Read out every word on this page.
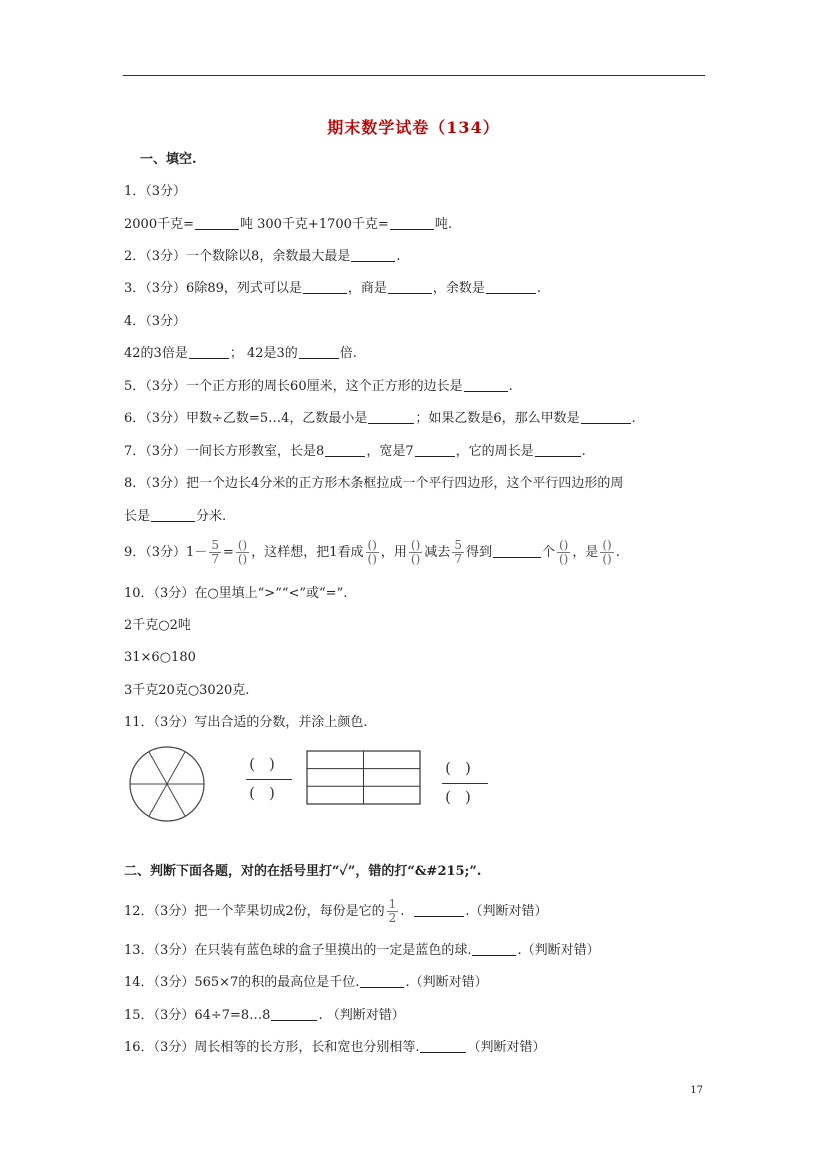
期末数学试卷（134）
一、填空.
1．（3分）
2000千克=	吨 300千克+1700千克=	吨.
2．（3分）一个数除以8，余数最大最是	.
3．（3分）6除89，列式可以是	，商是	，余数是	.
4．（3分）
42的3倍是	； 42是3的	倍.
5．（3分）一个正方形的周长60厘米，这个正方形的边长是	.
6．（3分）甲数÷乙数=5…4，乙数最小是	；如果乙数是6，那么甲数是	.
7．（3分）一间长方形教室，长是8	，宽是7	，它的周长是	.
8．（3分）把一个边长4分米的正方形木条框拉成一个平行四边形，这个平行四边形的周
长是	分米.
9．（3分）$1- \frac{5}{7} = \frac{()}{()}$ ，这样想，把1看成 $\frac{()}{()}$ ，用 $\frac{()}{()}$ 减去 $\frac{5}{7}$ 得到	个 $\frac{()}{()}$ ，是 $\frac{()}{()}$ .
10．（3分）在○里填上“>”“<”或“=”.
2千克○2吨
31×6○180
3千克20克○3020克.
11．（3分）写出合适的分数，并涂上颜色.
()
()
()
()
二、判断下面各题，对的在括号里打“✓”，错的打“&#215;”.
12．（3分）把一个苹果切成2份，每份是它的 $\frac{1}{2}$ .	.（判断对错）
13．（3分）在只装有蓝色球的盒子里摸出的一定是蓝色的球.	.（判断对错）
14．（3分）565×7的积的最高位是千位.	.（判断对错）
15．（3分）64÷7=8…8	. （判断对错）
16．（3分）周长相等的长方形，长和宽也分别相等.	（判断对错）
17
